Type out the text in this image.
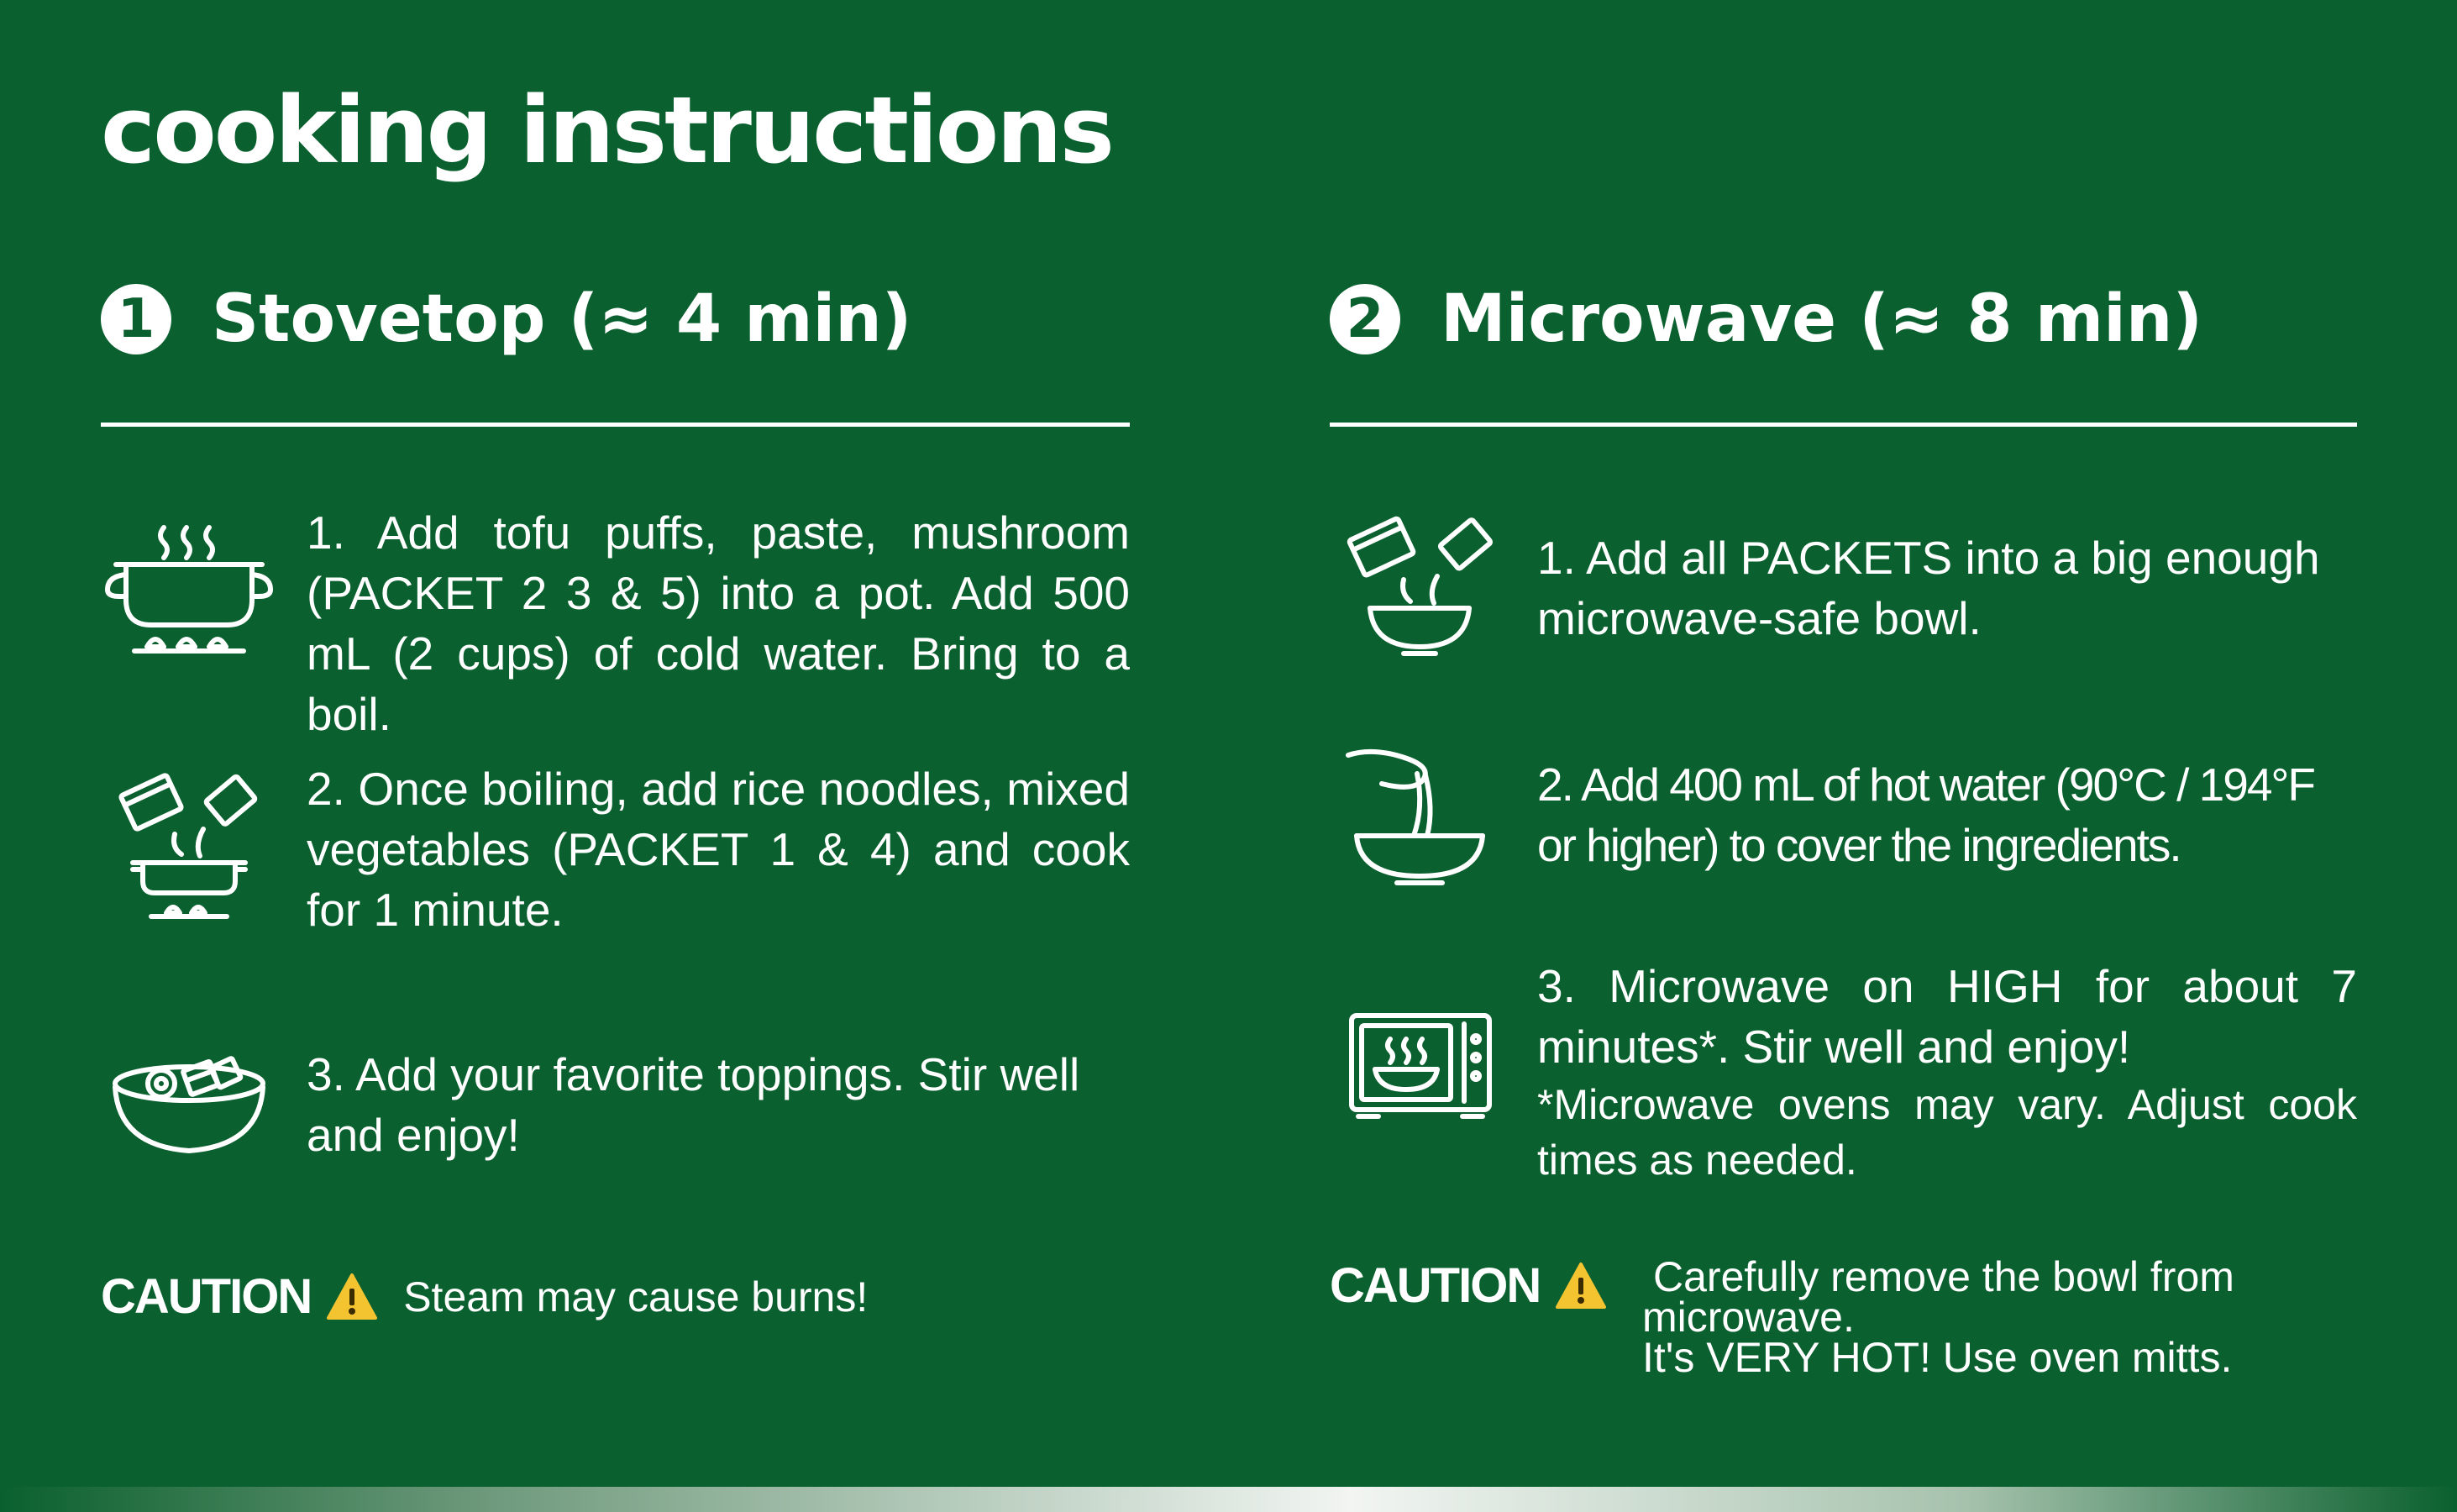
cooking instructions
1 Stovetop (≈ 4 min)	2 Microwave (≈ 8 min)
1. Add tofu puffs, paste, mushroom (PACKET 2 3 & 5) into a pot. Add 500 mL (2 cups) of cold water. Bring to a boil.
2. Once boiling, add rice noodles, mixed vegetables (PACKET 1 & 4) and cook for 1 minute.
3. Add your favorite toppings. Stir well and enjoy!
CAUTION Steam may cause burns!
1. Add all PACKETS into a big enough microwave-safe bowl.
2. Add 400 mL of hot water (90°C / 194°F or higher) to cover the ingredients.
3. Microwave on HIGH for about 7 minutes*. Stir well and enjoy!
*Microwave ovens may vary. Adjust cook times as needed.
CAUTION	Carefully remove the bowl from
microwave.
It's VERY HOT! Use oven mitts.
